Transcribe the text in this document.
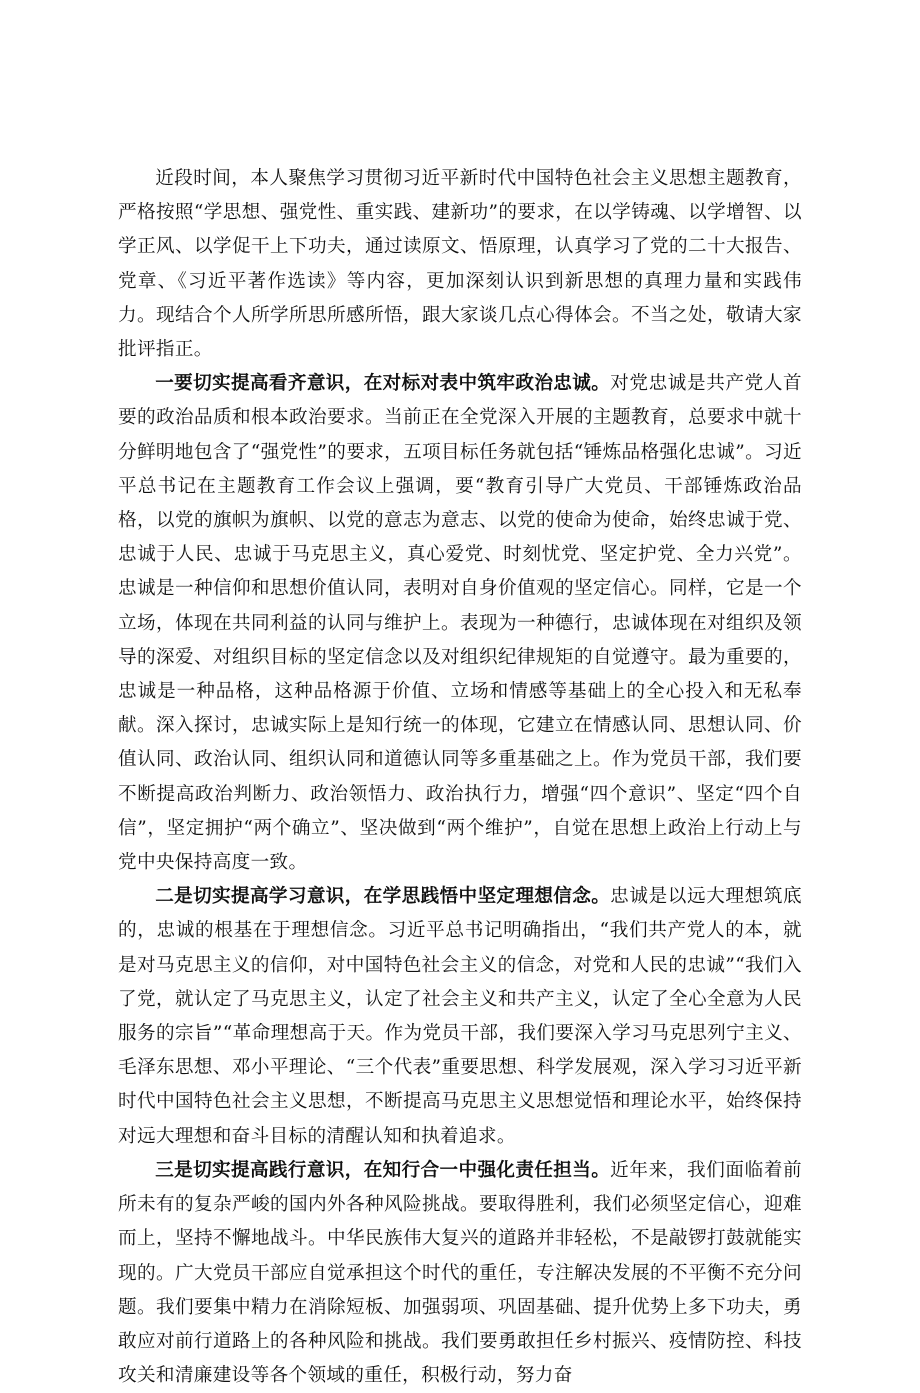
近段时间，本人聚焦学习贯彻习近平新时代中国特色社会主义思想主题教育，严格按照“学思想、强党性、重实践、建新功”的要求，在以学铸魂、以学增智、以学正风、以学促干上下功夫，通过读原文、悟原理，认真学习了党的二十大报告、党章、《习近平著作选读》等内容，更加深刻认识到新思想的真理力量和实践伟力。现结合个人所学所思所感所悟，跟大家谈几点心得体会。不当之处，敬请大家批评指正。

一要切实提高看齐意识，在对标对表中筑牢政治忠诚。对党忠诚是共产党人首要的政治品质和根本政治要求。当前正在全党深入开展的主题教育，总要求中就十分鲜明地包含了“强党性”的要求，五项目标任务就包括“锤炼品格强化忠诚”。习近平总书记在主题教育工作会议上强调，要“教育引导广大党员、干部锤炼政治品格，以党的旗帜为旗帜、以党的意志为意志、以党的使命为使命，始终忠诚于党、忠诚于人民、忠诚于马克思主义，真心爱党、时刻忧党、坚定护党、全力兴党”。忠诚是一种信仰和思想价值认同，表明对自身价值观的坚定信心。同样，它是一个立场，体现在共同利益的认同与维护上。表现为一种德行，忠诚体现在对组织及领导的深爱、对组织目标的坚定信念以及对组织纪律规矩的自觉遵守。最为重要的，忠诚是一种品格，这种品格源于价值、立场和情感等基础上的全心投入和无私奉献。深入探讨，忠诚实际上是知行统一的体现，它建立在情感认同、思想认同、价值认同、政治认同、组织认同和道德认同等多重基础之上。作为党员干部，我们要不断提高政治判断力、政治领悟力、政治执行力，增强“四个意识”、坚定“四个自信”，坚定拥护“两个确立”、坚决做到“两个维护”，自觉在思想上政治上行动上与党中央保持高度一致。

二是切实提高学习意识，在学思践悟中坚定理想信念。忠诚是以远大理想筑底的，忠诚的根基在于理想信念。习近平总书记明确指出，“我们共产党人的本，就是对马克思主义的信仰，对中国特色社会主义的信念，对党和人民的忠诚”“我们入了党，就认定了马克思主义，认定了社会主义和共产主义，认定了全心全意为人民服务的宗旨”“革命理想高于天。作为党员干部，我们要深入学习马克思列宁主义、毛泽东思想、邓小平理论、“三个代表”重要思想、科学发展观，深入学习习近平新时代中国特色社会主义思想，不断提高马克思主义思想觉悟和理论水平，始终保持对远大理想和奋斗目标的清醒认知和执着追求。

三是切实提高践行意识，在知行合一中强化责任担当。近年来，我们面临着前所未有的复杂严峻的国内外各种风险挑战。要取得胜利，我们必须坚定信心，迎难而上，坚持不懈地战斗。中华民族伟大复兴的道路并非轻松，不是敲锣打鼓就能实现的。广大党员干部应自觉承担这个时代的重任，专注解决发展的不平衡不充分问题。我们要集中精力在消除短板、加强弱项、巩固基础、提升优势上多下功夫，勇敢应对前行道路上的各种风险和挑战。我们要勇敢担任乡村振兴、疫情防控、科技攻关和清廉建设等各个领域的重任，积极行动，努力奋
